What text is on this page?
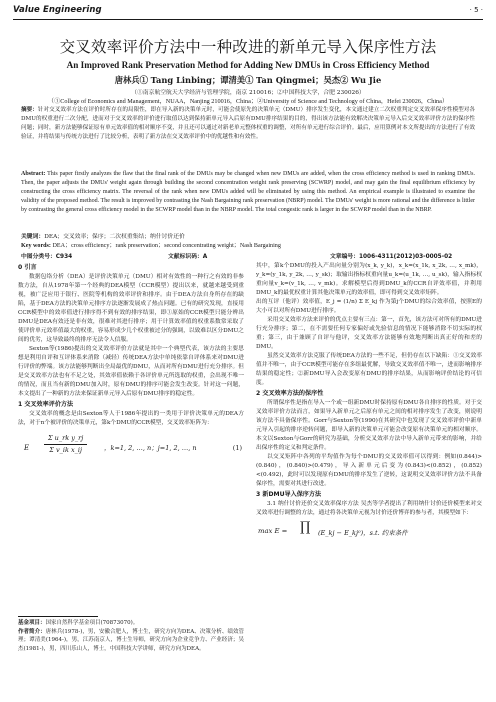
Value Engineering	· 5 ·
交叉效率评价方法中一种改进的新单元导入保序性方法
An Improved Rank Preservation Method for Adding New DMUs in Cross Efficiency Method
唐林兵① Tang Linbing；谭清美① Tan Qingmei；吴杰② Wu Jie
（①南京航空航天大学经济与管理学院，南京 210016；②中国科技大学，合肥 230026）
（①College of Economics and Management，NUAA，Nanjing 210016，China；②University of Science and Technology of China，Hefei 230026，China）
摘要：针对交叉效率方法在评价时所存在的局限性，即在导入新的决策单元时，可能会使原先的决策单元（DMU）排序发生变化，本文通过建立二次权重判定交叉效率保序性模型对各DMU的权重进行二次分配，进而对于交叉效率的评价进行取值以达到保持新单元导入后原有DMU排序结果的目的，得出该方法能有效解决决策单元导入后交叉效率评价方法的保序性问题；同时，新方法能够保证原有单元效率值的相对顺序不变，并且还可以通过对新老单元整体权重的调整，对所有单元进行综合评价。最后，应用算例对本文所提出的方法进行了有效验证，并将结果与传统方法进行了比较分析，表明了新方法在交叉效率评价中的优越性和有效性。
Abstract: This paper firstly analyzes the flaw that the final rank of the DMUs may be changed when new DMUs are added, when the cross efficiency method is used in ranking DMUs. Then, the paper adjusts the DMUs' weight again through building the second concentration weight rank preserving (SCWRP) model, and may gain the final equilibrium efficiency by constructing the cross efficiency matrix. The reversal of the rank when new DMUs added will be eliminated by using this method. An empirical example is illustrated to examine the validity of the proposed method. The result is improved by contrasting the Nash Bargaining rank preservation (NBRP) model. The DMUs' weight is more rational and the difference is littler by contrasting the general cross efficiency model in the SCWRP model than in the NBRP model. The total congestic rank is larger in the SCWRP model than in the NBRP.
关键词：DEA；交叉效率；保序；二次权重集结；纳什讨价还价
Key words: DEA；cross efficiency；rank preservation；second concentrating weight；Nash Bargaining
中图分类号：C934	文献标识码：A	文章编号：1006-4311(2012)03-0005-02
0 引言

数据包络分析（DEA）是评价决策单元（DMU）相对有效性的一种行之有效的非参数方法，自从1978年第一个经典的DEA模型（CCR模型）提出以来，就越来越受到重视，被广泛应用于银行、医院等机构的效率评价和排序。由于DEA方法自身所存在的缺陷，基于DEA方法的决策单元排序方法逐渐发展成了热点问题。已有的研究发现，直接用CCR模型中的效率值进行排序得不到有效的排序结果，即①原始的CCR模型只能分辨出DMU是DEA有效还是非有效，很难对其进行排序；用于计算效率值的权重系数常采取了使评价单元效率值最大的权重，容易形成少几个权重被过分的强调，以致难以区分DMU之间的优劣，这导致最终的排序无法令人信服。

Sexton等(1986)提出的交叉效率评价方法就是其中一个典型代表，该方法的主要思想是利用自评和互评体系来消除（减轻）传统DEA方法中单纯依靠自评体系来对DMU进行评价的弊端。该方法能够判断出全局最优的DMU，从而对所有DMU进行充分排序。但是交叉效率方法也有不足之处，其效率值依赖于各评价单元所选取的权重，会出现不唯一的情况，而且当有新的DMU加入时，原有DMU的排序可能会发生改变。针对这一问题，本文提出了一种新的方法来保证新单元导入后原有DMU排序的稳定性。

1 交叉效率评价方法

交叉效率的概念是由Sexton等人于1986年提出的一类用于评价决策单元的DEA方法，对于n个被评价的决策单元，第k个DMU的CCR模型，交叉效率矩阵为：

E $\frac{\text{Σ u\_rk y\_rj}}{\text{Σ v\_ik x\_ij}}$	，k=1, 2, …, n；j=1, 2, …, n	(1)

其中，第k个DMU的投入产出向量分别为(x_k, y_k)，x_k=(x_1k, x_2k, …, x_mk)，y_k=(y_1k, y_2k, …, y_sk)；取输出指标权重向量u_k=(u_1k, …, u_sk)，输入指标权重向量v_k=(v_1k, …, v_mk)。求解模型后得到DMU_k的CCR自评效率值，并利用DMU_k的最优权重计算其他决策单元的效率值，即可得到交叉效率矩阵。

出的互评（他评）效率值，E_j = (1/n) Σ E_kj 作为第j个DMU的综合效率值，按照E的大小可以对所有DMU进行排序。

采用交叉效率方法来评价的优点主要有三点：第一，首先，该方法可对所有的DMU进行充分排序；第二，在不需要任何专家偏好或先验信息的情况下能够消除不切实际的权重；第三，由于兼顾了自评与他评，交叉效率方法能够有效地判断出真正好的和差的DMU。

虽然交叉效率方法克服了传统DEA方法的一些不足，但仍存在以下缺陷：①交叉效率值并不唯一，由于CCR模型可能存在多组最优解，导致交叉效率值不唯一，进而影响排序结果的稳定性；②新DMU导入会改变原有DMU的排序结果，从而影响评价结论的可信度。

2 交叉效率方法的保序性

所谓保序性是指在导入一个或一组新DMU时保持原有DMU各自排序的性质。对于交叉效率评价方法而言，如果导入新单元之后原有单元之间的相对排序发生了改变，则说明该方法不具备保序性。Gorr与Sexton等(1990)在其研究中也发现了交叉效率评价中新单元导入引起的排序逆转问题，即导入新的决策单元可能会改变原有决策单元的相对顺序。本文以Sexton与Gorr的研究为基础，分析交叉效率方法中导入新单元带来的影响，并给出保序性的定义和判定条件。

以交叉矩阵中各列的平均值作为每个DMU的交叉效率值可以得到：例如(0.844)>(0.840)，(0.840)>(0.479)，导入新单元后变为(0.843)<(0.852)，(0.852)<(0.492)，此时可以发现原有DMU的排序发生了逆转，这说明交叉效率评价方法不具备保序性，需要对其进行改进。

3 新DMU导入保序方法

3.1 纳什讨价还价交叉效率保序方法 吴杰等学者提出了利用纳什讨价还价模型来对交叉效率进行调整的方法，通过将各决策单元视为讨价还价博弈的参与者，其模型如下：

max E = ∏ (E_kj − E_kj⁰)，s.t. 约束条件
基金项目：国家自然科学基金项目(70873070)。
作者简介：唐林兵(1978-)，男，安徽合肥人，博士生，研究方向为DEA、决策分析、绩效管理；谭清美(1964-)，男，江苏南京人，博士生导师，研究方向为企业竞争力、产业经济；吴杰(1981-)，男，四川乐山人，博士，中国科技大学讲师，研究方向为DEA。
